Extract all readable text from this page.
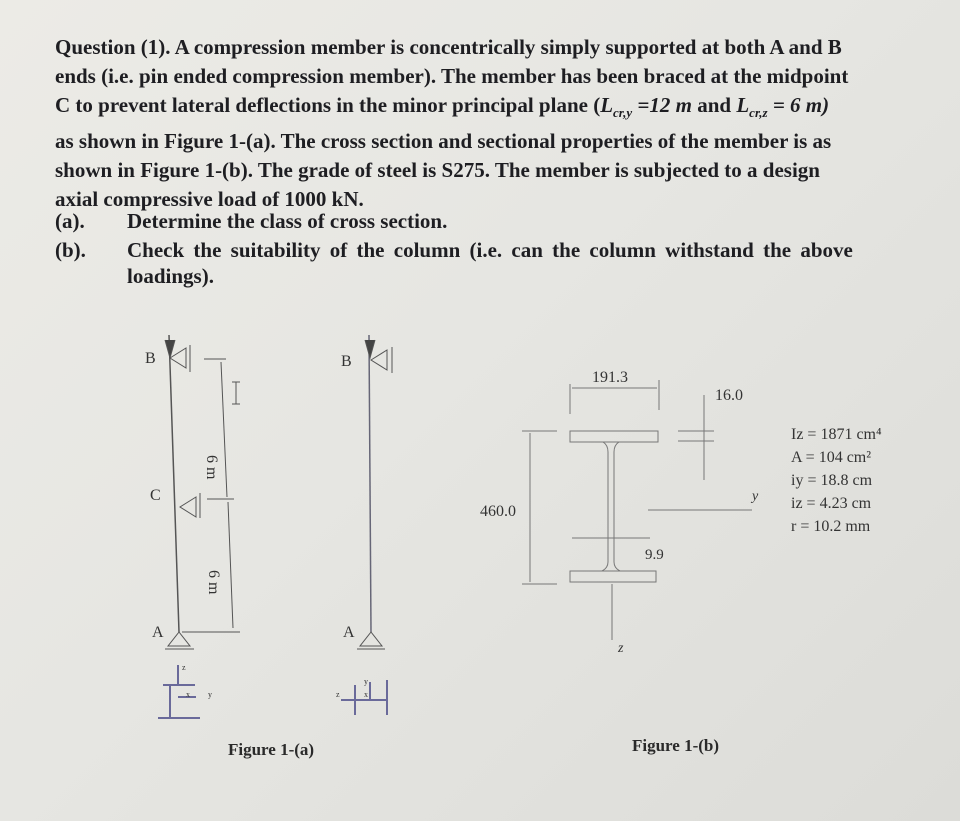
Question (1). A compression member is concentrically simply supported at both A and B
ends (i.e. pin ended compression member). The member has been braced at the midpoint
C to prevent lateral deflections in the minor principal plane ($L_{cr,y} =12$ m and $L_{cr,z} = 6$ m)
as shown in Figure 1-(a). The cross section and sectional properties of the member is as
shown in Figure 1-(b). The grade of steel is S275. The member is subjected to a design
axial compressive load of 1000 kN.
(a). Determine the class of cross section.
(b). Check the suitability of the column (i.e. can the column withstand the above
loadings).
B
C
A
6 m
6 m
z
x y
B
A
y
x
z
191.3
16.0
460.0
9.9
y
z
Iz = 1871 cm⁴
A = 104 cm²
iy = 18.8 cm
iz = 4.23 cm
r = 10.2 mm
Figure 1-(a)	Figure 1-(b)
